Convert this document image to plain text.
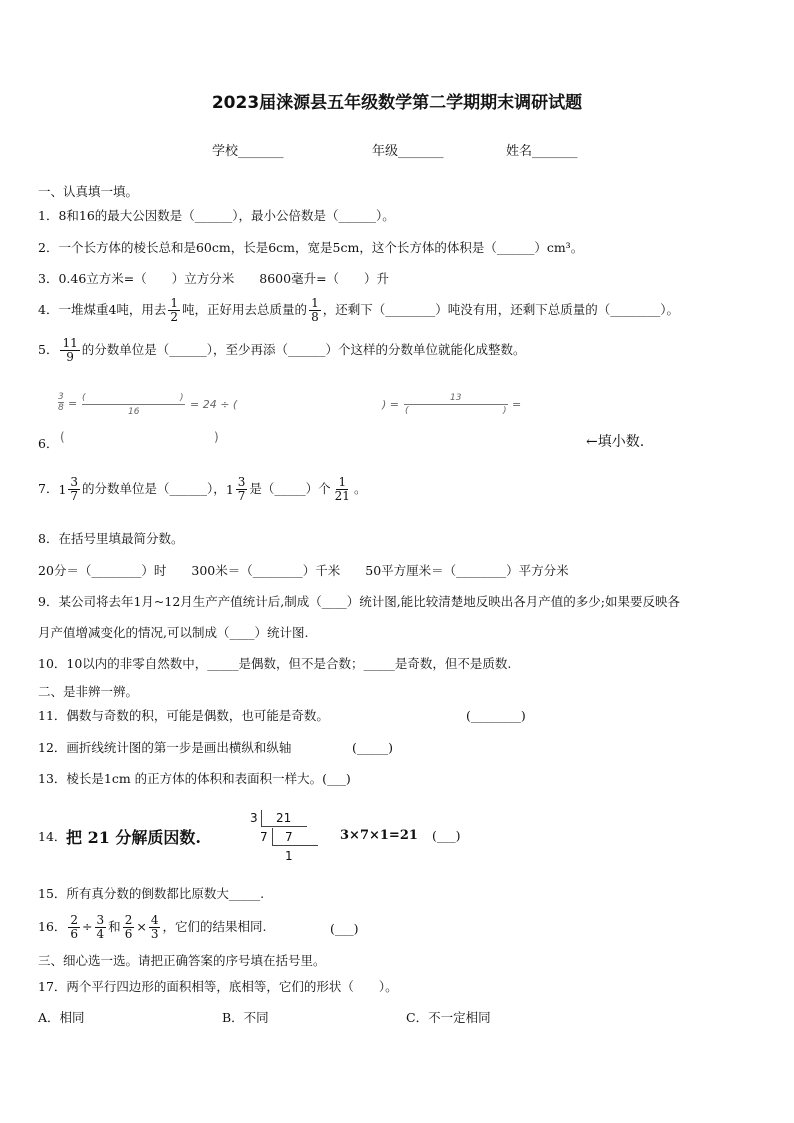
2023届涞源县五年级数学第二学期期末调研试题
学校_______	年级_______	姓名_______
一、认真填一填。
1．8和16的最大公因数是（______），最小公倍数是（______）。
2．一个长方体的棱长总和是60cm，长是6cm，宽是5cm，这个长方体的体积是（______）cm³。
3．0.46立方米=（　　）立方分米　　8600毫升=（　　）升
4．一堆煤重4吨，用去 $\frac{1}{2}$ 吨，正好用去总质量的 $\frac{1}{8}$ ，还剩下（________）吨没有用，还剩下总质量的（________）。
5． $\frac{11}{9}$ 的分数单位是（______），至少再添（______）个这样的分数单位就能化成整数。
3
8 = (	)
16
= 24 ÷ (	) =	13
(	) =
6． (	)	←填小数.
7． $1 \frac{3}{7}$ 的分数单位是（______）， $1 \frac{3}{7}$ 是（_____）个 $\frac{1}{21}$ 。
8．在括号里填最简分数。
20分＝（________）时　　300米＝（________）千米　　50平方厘米＝（________）平方分米
9．某公司将去年1月~12月生产产值统计后,制成（____）统计图,能比较清楚地反映出各月产值的多少;如果要反映各
月产值增减变化的情况,可以制成（____）统计图.
10．10以内的非零自然数中，_____是偶数，但不是合数；_____是奇数，但不是质数.
二、是非辨一辨。
11．偶数与奇数的积，可能是偶数，也可能是奇数。	(________)
12．画折线统计图的第一步是画出横纵和纵轴	(_____)
13．棱长是1cm 的正方体的体积和表面积一样大。(___)
14． 把 21 分解质因数.
3 21
7 7
1
3×7×1=21 (___)
15．所有真分数的倒数都比原数大_____.
16． $\frac{2}{6} \div \frac{3}{4}$ 和 $\frac{2}{6} \times \frac{4}{3}$ ，它们的结果相同.	(___)
三、细心选一选。请把正确答案的序号填在括号里。
17．两个平行四边形的面积相等，底相等，它们的形状（　　）。
A．相同	B．不同	C．不一定相同
